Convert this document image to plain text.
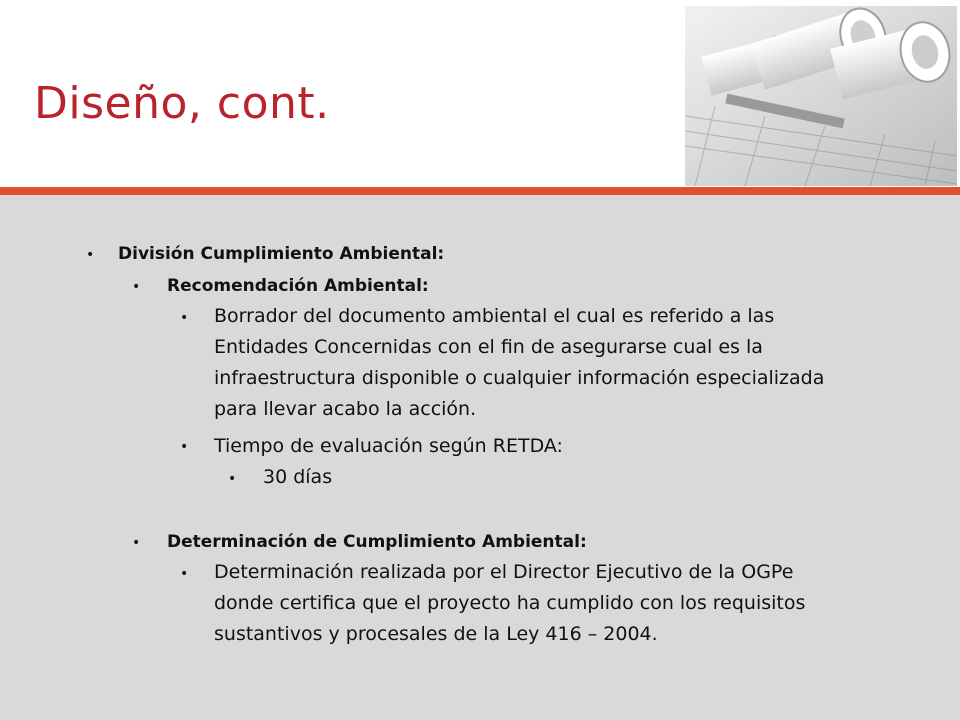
Diseño, cont.
• División Cumplimiento Ambiental:
• Recomendación Ambiental:
• Borrador del documento ambiental el cual es referido a las
Entidades Concernidas con el fin de asegurarse cual es la
infraestructura disponible o cualquier información especializada
para llevar acabo la acción.
• Tiempo de evaluación según RETDA:
• 30 días
• Determinación de Cumplimiento Ambiental:
• Determinación realizada por el Director Ejecutivo de la OGPe
donde certifica que el proyecto ha cumplido con los requisitos
sustantivos y procesales de la Ley 416 – 2004.
